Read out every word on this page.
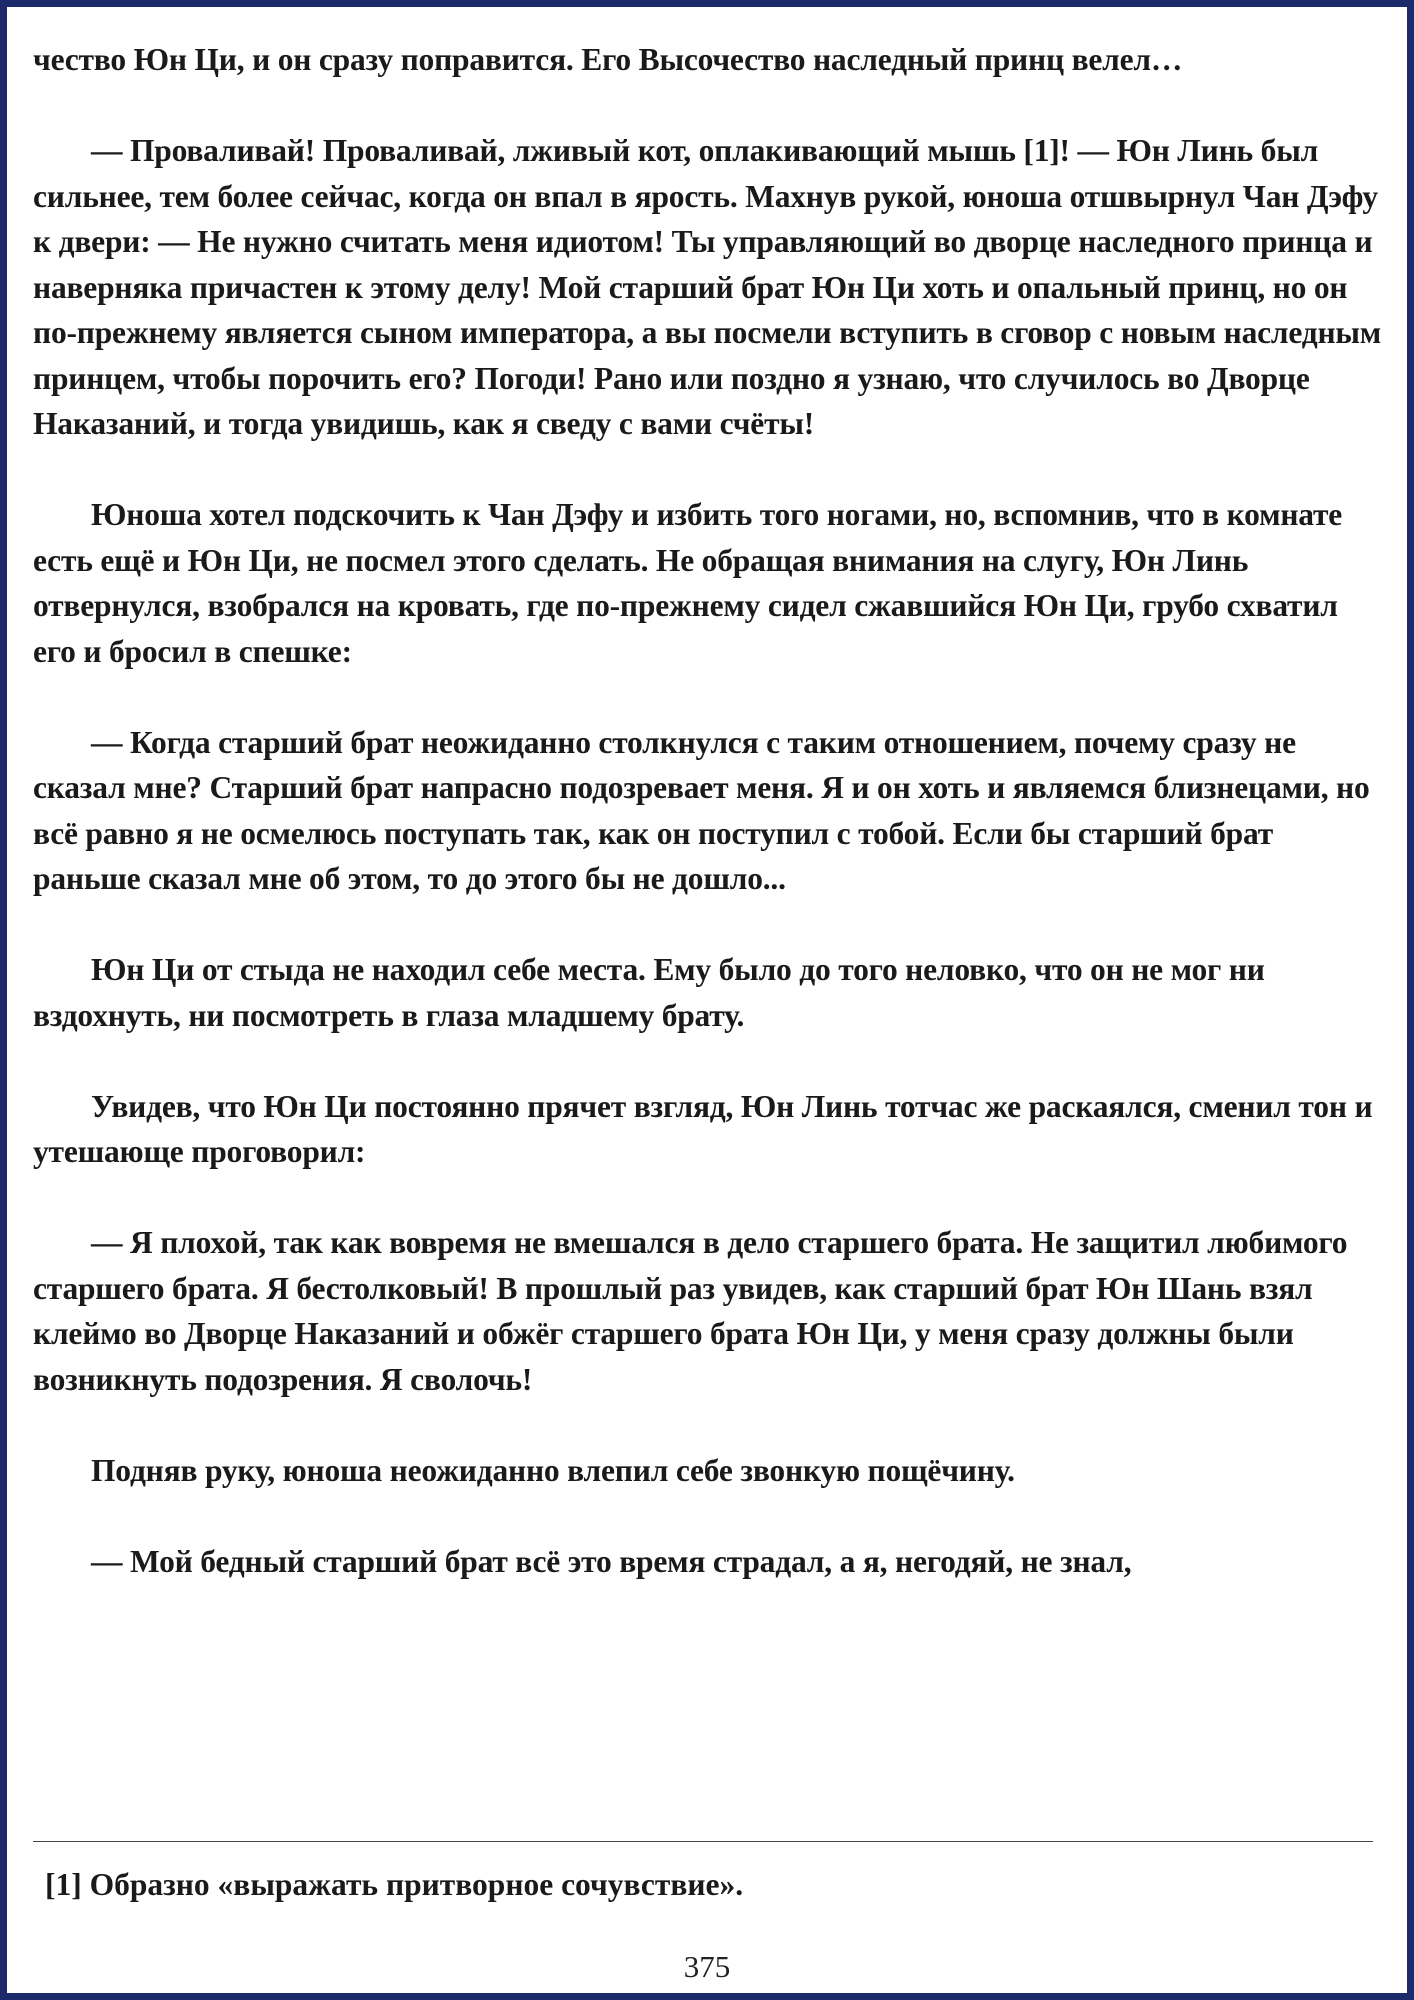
чество Юн Ци, и он сразу поправится. Его Высочество наследный принц велел…

— Проваливай! Проваливай, лживый кот, оплакивающий мышь [1]! — Юн Линь был сильнее, тем более сейчас, когда он впал в ярость. Махнув рукой, юноша отшвырнул Чан Дэфу к двери: — Не нужно считать меня идиотом! Ты управляющий во дворце наследного принца и наверняка причастен к этому делу! Мой старший брат Юн Ци хоть и опальный принц, но он по-прежнему является сыном императора, а вы посмели вступить в сговор с новым наследным принцем, чтобы порочить его? Погоди! Рано или поздно я узнаю, что случилось во Дворце Наказаний, и тогда увидишь, как я сведу с вами счёты!

Юноша хотел подскочить к Чан Дэфу и избить того ногами, но, вспомнив, что в комнате есть ещё и Юн Ци, не посмел этого сделать. Не обращая внимания на слугу, Юн Линь отвернулся, взобрался на кровать, где по-прежнему сидел сжавшийся Юн Ци, грубо схватил его и бросил в спешке:

— Когда старший брат неожиданно столкнулся с таким отношением, почему сразу не сказал мне? Старший брат напрасно подозревает меня. Я и он хоть и являемся близнецами, но всё равно я не осмелюсь поступать так, как он поступил с тобой. Если бы старший брат раньше сказал мне об этом, то до этого бы не дошло...

Юн Ци от стыда не находил себе места. Ему было до того неловко, что он не мог ни вздохнуть, ни посмотреть в глаза младшему брату.

Увидев, что Юн Ци постоянно прячет взгляд, Юн Линь тотчас же раскаялся, сменил тон и утешающе проговорил:

— Я плохой, так как вовремя не вмешался в дело старшего брата. Не защитил любимого старшего брата. Я бестолковый! В прошлый раз увидев, как старший брат Юн Шань взял клеймо во Дворце Наказаний и обжёг старшего брата Юн Ци, у меня сразу должны были возникнуть подозрения. Я сволочь!

Подняв руку, юноша неожиданно влепил себе звонкую пощёчину.

— Мой бедный старший брат всё это время страдал, а я, негодяй, не знал,

[1] Образно «выражать притворное сочувствие».

375
